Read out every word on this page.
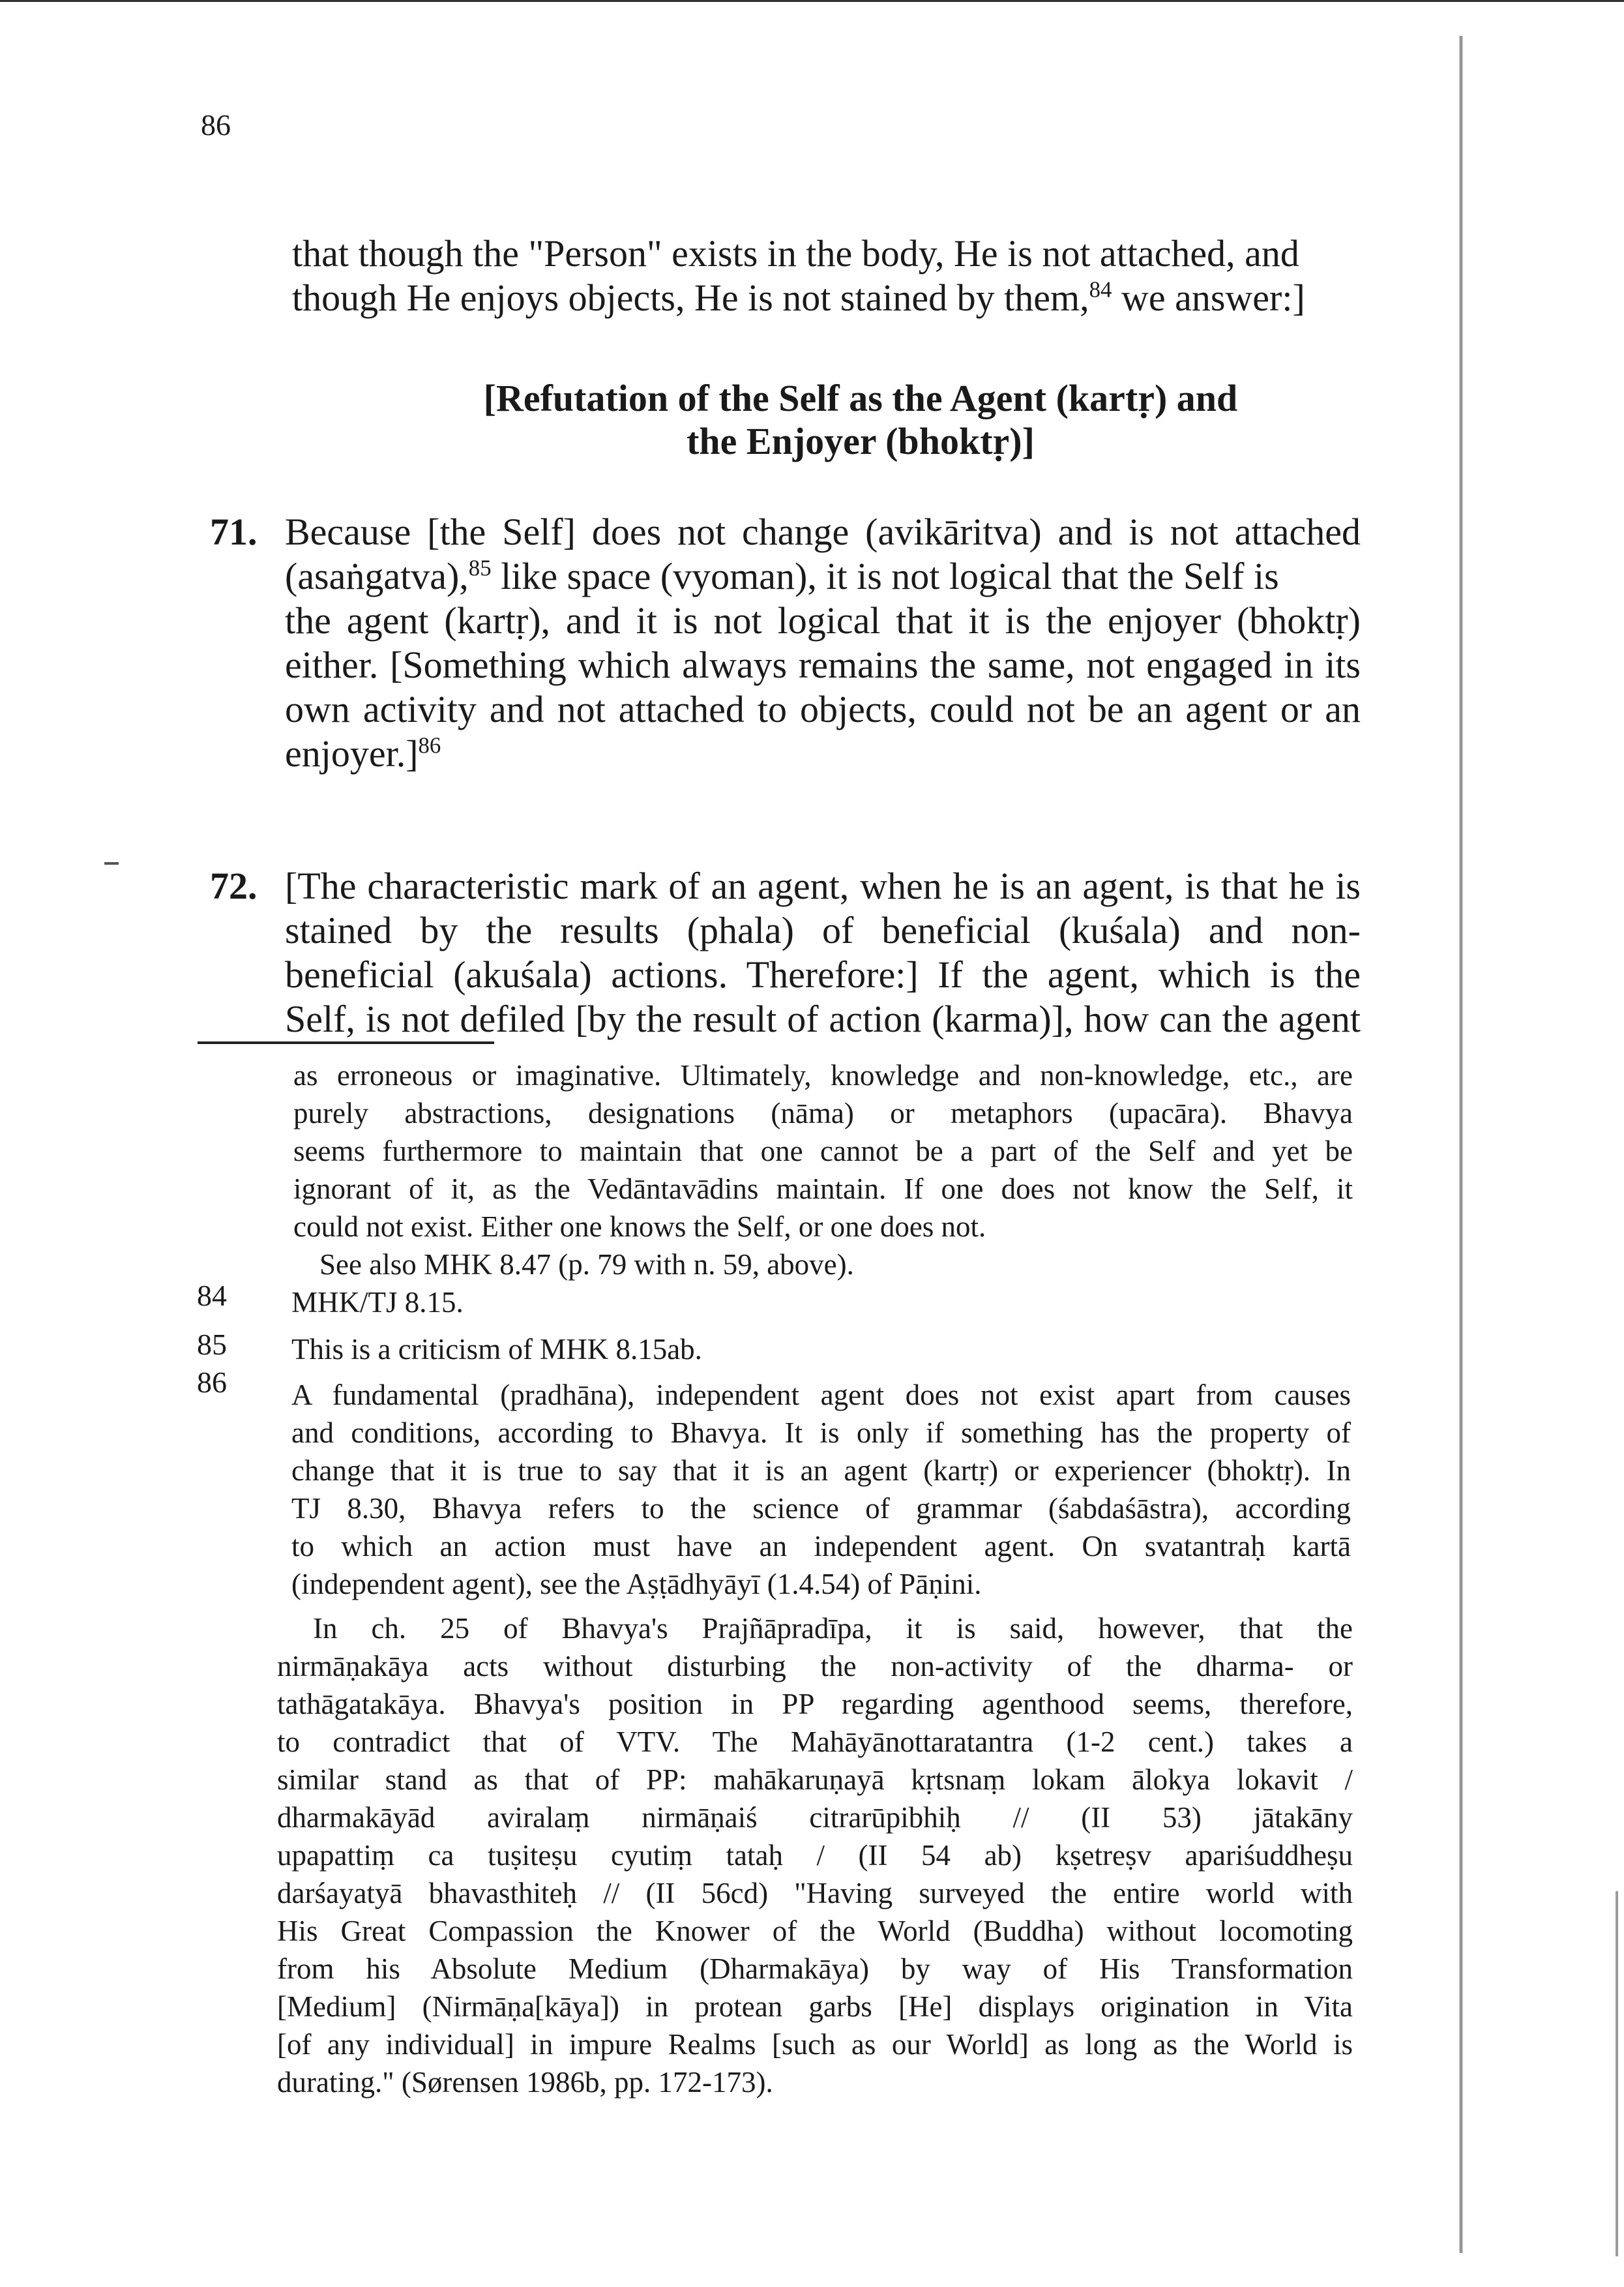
86
that though the "Person" exists in the body, He is not attached, and
though He enjoys objects, He is not stained by them,$^{84}$ we answer:]
[Refutation of the Self as the Agent (kartṛ) and
the Enjoyer (bhoktṛ)]
71. Because [the Self] does not change (avikāritva) and is not attached
(asaṅgatva),$^{85}$ like space (vyoman), it is not logical that the Self is
the agent (kartṛ), and it is not logical that it is the enjoyer (bhoktṛ)
either. [Something which always remains the same, not engaged in its
own activity and not attached to objects, could not be an agent or an
enjoyer.]$^{86}$
72. [The characteristic mark of an agent, when he is an agent, is that he is
stained by the results (phala) of beneficial (kuśala) and non-
beneficial (akuśala) actions. Therefore:] If the agent, which is the
Self, is not defiled [by the result of action (karma)], how can the agent
as erroneous or imaginative. Ultimately, knowledge and non-knowledge, etc., are
purely abstractions, designations (nāma) or metaphors (upacāra). Bhavya
seems furthermore to maintain that one cannot be a part of the Self and yet be
ignorant of it, as the Vedāntavādins maintain. If one does not know the Self, it
could not exist. Either one knows the Self, or one does not.
See also MHK 8.47 (p. 79 with n. 59, above).
84 MHK/TJ 8.15.
85 This is a criticism of MHK 8.15ab.
86 A fundamental (pradhāna), independent agent does not exist apart from causes
and conditions, according to Bhavya. It is only if something has the property of
change that it is true to say that it is an agent (kartṛ) or experiencer (bhoktṛ). In
TJ 8.30, Bhavya refers to the science of grammar (śabdaśāstra), according
to which an action must have an independent agent. On svatantraḥ kartā
(independent agent), see the Aṣṭādhyāyī (1.4.54) of Pāṇini.
In ch. 25 of Bhavya's Prajñāpradīpa, it is said, however, that the
nirmāṇakāya acts without disturbing the non-activity of the dharma- or
tathāgatakāya. Bhavya's position in PP regarding agenthood seems, therefore,
to contradict that of VTV. The Mahāyānottaratantra (1-2 cent.) takes a
similar stand as that of PP: mahākaruṇayā kṛtsnaṃ lokam ālokya lokavit /
dharmakāyād aviralaṃ nirmāṇaiś citrarūpibhiḥ // (II 53) jātakāny
upapattiṃ ca tuṣiteṣu cyutiṃ tataḥ / (II 54 ab) kṣetreṣv apariśuddheṣu
darśayatyā bhavasthiteḥ // (II 56cd) "Having surveyed the entire world with
His Great Compassion the Knower of the World (Buddha) without locomoting
from his Absolute Medium (Dharmakāya) by way of His Transformation
[Medium] (Nirmāṇa[kāya]) in protean garbs [He] displays origination in Vita
[of any individual] in impure Realms [such as our World] as long as the World is
durating." (Sørensen 1986b, pp. 172-173).
